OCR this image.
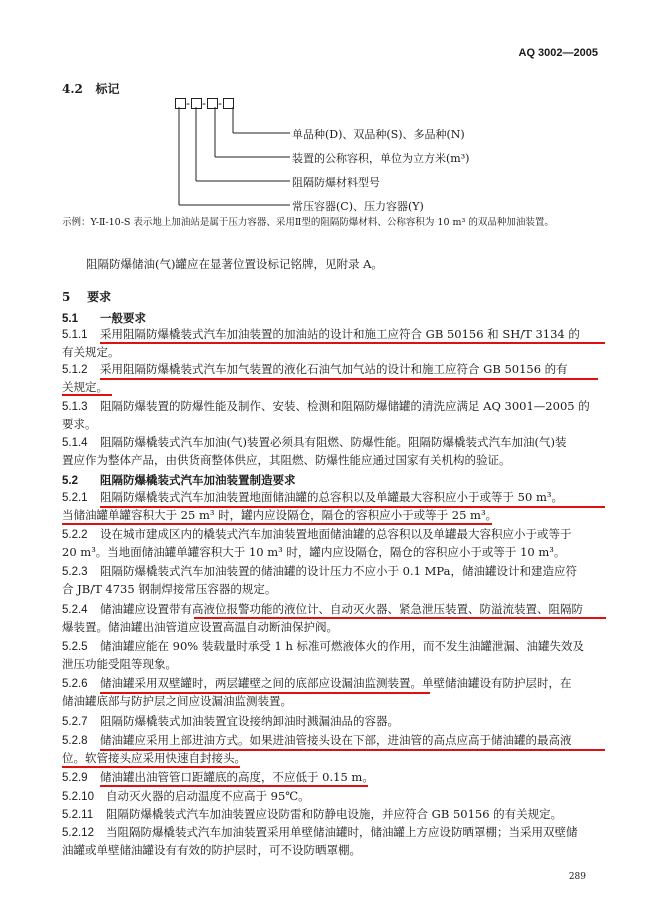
AQ 3002—2005
4.2 标记
- - -
单品种(D)、双品种(S)、多品种(N)
装置的公称容积，单位为立方米(m³)
阻隔防爆材料型号
常压容器(C)、压力容器(Y)
示例：Y-Ⅱ-10-S 表示地上加油站是属于压力容器、采用Ⅱ型的阻隔防爆材料、公称容积为 10 m³ 的双品种加油装置。
阻隔防爆储油(气)罐应在显著位置设标记铭牌，见附录 A。
5 要求
5.1 一般要求
5.1.1 采用阻隔防爆橇装式汽车加油装置的加油站的设计和施工应符合 GB 50156 和 SH/T 3134 的
有关规定。
5.1.2 采用阻隔防爆橇装式汽车加气装置的液化石油气加气站的设计和施工应符合 GB 50156 的有
关规定。
5.1.3 阻隔防爆装置的防爆性能及制作、安装、检测和阻隔防爆储罐的清洗应满足 AQ 3001—2005 的
要求。
5.1.4 阻隔防爆橇装式汽车加油(气)装置必须具有阻燃、防爆性能。阻隔防爆橇装式汽车加油(气)装
置应作为整体产品，由供货商整体供应，其阻燃、防爆性能应通过国家有关机构的验证。
5.2 阻隔防爆橇装式汽车加油装置制造要求
5.2.1 阻隔防爆橇装式汽车加油装置地面储油罐的总容积以及单罐最大容积应小于或等于 50 m³。
当储油罐单罐容积大于 25 m³ 时，罐内应设隔仓，隔仓的容积应小于或等于 25 m³。
5.2.2 设在城市建成区内的橇装式汽车加油装置地面储油罐的总容积以及单罐最大容积应小于或等于
20 m³。当地面储油罐单罐容积大于 10 m³ 时，罐内应设隔仓，隔仓的容积应小于或等于 10 m³。
5.2.3 阻隔防爆橇装式汽车加油装置的储油罐的设计压力不应小于 0.1 MPa，储油罐设计和建造应符
合 JB/T 4735 钢制焊接常压容器的规定。
5.2.4 储油罐应设置带有高液位报警功能的液位计、自动灭火器、紧急泄压装置、防溢流装置、阻隔防
爆装置。储油罐出油管道应设置高温自动断油保护阀。
5.2.5 储油罐应能在 90% 装载量时承受 1 h 标准可燃液体火的作用，而不发生油罐泄漏、油罐失效及
泄压功能受阻等现象。
5.2.6 储油罐采用双壁罐时，两层罐壁之间的底部应设漏油监测装置。单壁储油罐设有防护层时，在
储油罐底部与防护层之间应设漏油监测装置。
5.2.7 阻隔防爆橇装式加油装置宜设接纳卸油时溅漏油品的容器。
5.2.8 储油罐应采用上部进油方式。如果进油管接头设在下部，进油管的高点应高于储油罐的最高液
位。软管接头应采用快速自封接头。
5.2.9 储油罐出油管管口距罐底的高度，不应低于 0.15 m。
5.2.10 自动灭火器的启动温度不应高于 95℃。
5.2.11 阻隔防爆橇装式汽车加油装置应设防雷和防静电设施，并应符合 GB 50156 的有关规定。
5.2.12 当阻隔防爆橇装式汽车加油装置采用单壁储油罐时，储油罐上方应设防晒罩棚；当采用双壁储
油罐或单壁储油罐设有有效的防护层时，可不设防晒罩棚。
289
